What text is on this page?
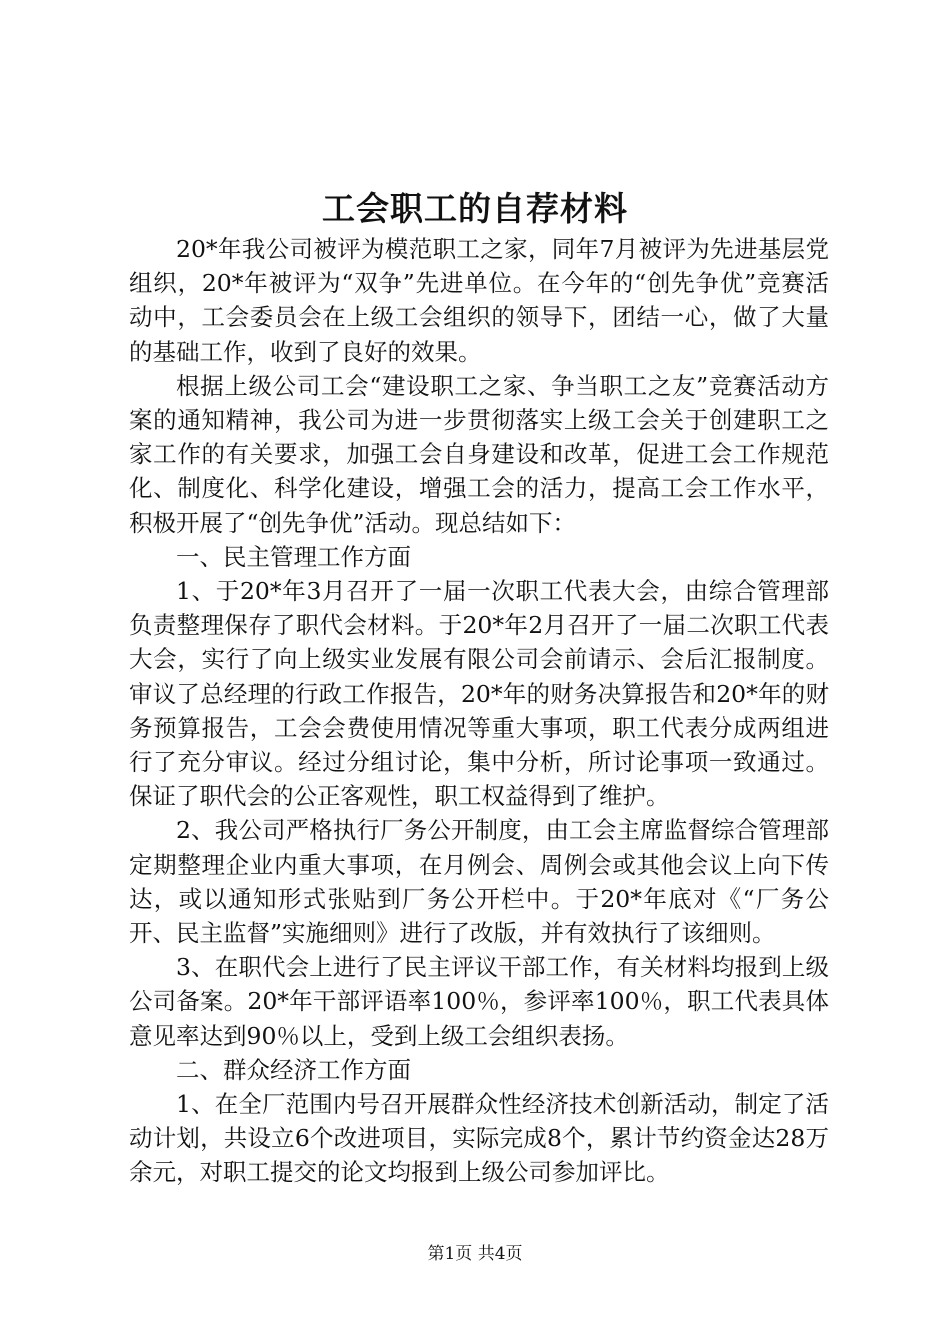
工会职工的自荐材料

20*年我公司被评为模范职工之家，同年7月被评为先进基层党组织，20*年被评为“双争”先进单位。在今年的“创先争优”竞赛活动中，工会委员会在上级工会组织的领导下，团结一心，做了大量的基础工作，收到了良好的效果。

根据上级公司工会“建设职工之家、争当职工之友”竞赛活动方案的通知精神，我公司为进一步贯彻落实上级工会关于创建职工之家工作的有关要求，加强工会自身建设和改革，促进工会工作规范化、制度化、科学化建设，增强工会的活力，提高工会工作水平，积极开展了“创先争优”活动。现总结如下：

一、民主管理工作方面

1、于20*年3月召开了一届一次职工代表大会，由综合管理部负责整理保存了职代会材料。于20*年2月召开了一届二次职工代表大会，实行了向上级实业发展有限公司会前请示、会后汇报制度。审议了总经理的行政工作报告，20*年的财务决算报告和20*年的财务预算报告，工会会费使用情况等重大事项，职工代表分成两组进行了充分审议。经过分组讨论，集中分析，所讨论事项一致通过。保证了职代会的公正客观性，职工权益得到了维护。

2、我公司严格执行厂务公开制度，由工会主席监督综合管理部定期整理企业内重大事项，在月例会、周例会或其他会议上向下传达，或以通知形式张贴到厂务公开栏中。于20*年底对《“厂务公开、民主监督”实施细则》进行了改版，并有效执行了该细则。

3、在职代会上进行了民主评议干部工作，有关材料均报到上级公司备案。20*年干部评语率100％，参评率100％，职工代表具体意见率达到90％以上，受到上级工会组织表扬。

二、群众经济工作方面

1、在全厂范围内号召开展群众性经济技术创新活动，制定了活动计划，共设立6个改进项目，实际完成8个，累计节约资金达28万余元，对职工提交的论文均报到上级公司参加评比。

第1页 共4页
